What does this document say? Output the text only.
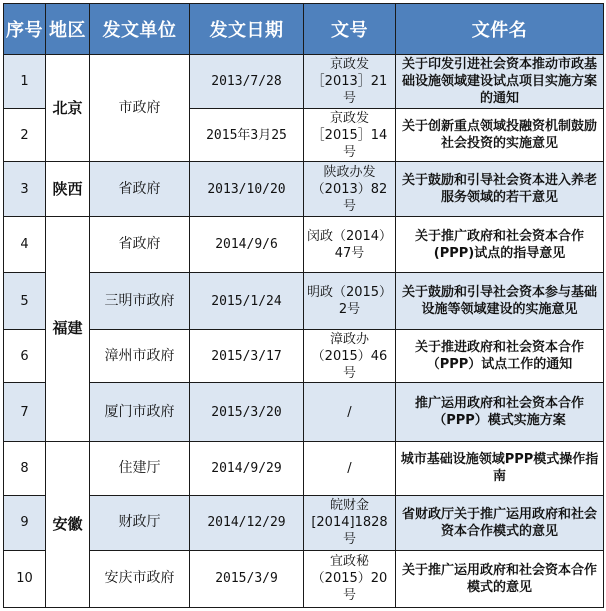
序号	地区	发文单位	发文日期	文号	文件名
1	北京	市政府	2013/7/28	京政发［2013］21号	关于印发引进社会资本推动市政基础设施领域建设试点项目实施方案的通知
2			2015年3月25	京政发［2015］14号	关于创新重点领域投融资机制鼓励社会投资的实施意见
3	陕西	省政府	2013/10/20	陕政办发（2013）82号	关于鼓励和引导社会资本进入养老服务领域的若干意见
4	福建	省政府	2014/9/6	闵政（2014）47号	关于推广政府和社会资本合作(PPP)试点的指导意见
5		三明市政府	2015/1/24	明政（2015）2号	关于鼓励和引导社会资本参与基础设施等领域建设的实施意见
6		漳州市政府	2015/3/17	漳政办（2015）46号	关于推进政府和社会资本合作（PPP）试点工作的通知
7		厦门市政府	2015/3/20	/	推广运用政府和社会资本合作（PPP）模式实施方案
8	安徽	住建厅	2014/9/29	/	城市基础设施领域PPP模式操作指南
9		财政厅	2014/12/29	皖财金[2014]1828号	省财政厅关于推广运用政府和社会资本合作模式的意见
10		安庆市政府	2015/3/9	宜政秘（2015）20号	关于推广运用政府和社会资本合作模式的意见
